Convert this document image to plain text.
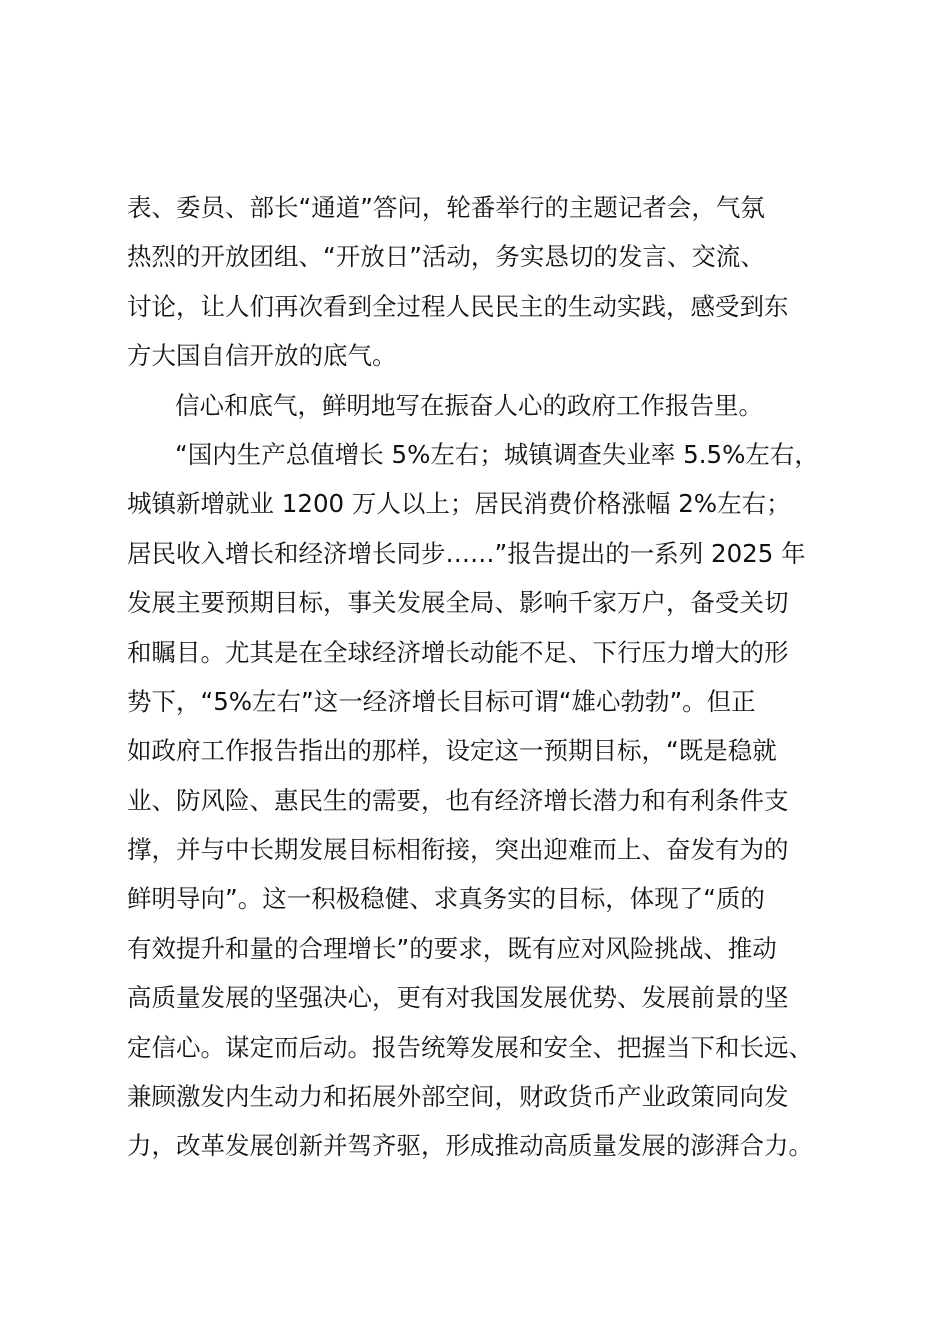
表、委员、部长“通道”答问，轮番举行的主题记者会，气氛
热烈的开放团组、“开放日”活动，务实恳切的发言、交流、
讨论，让人们再次看到全过程人民民主的生动实践，感受到东
方大国自信开放的底气。
信心和底气，鲜明地写在振奋人心的政府工作报告里。
“国内生产总值增长 5%左右；城镇调查失业率 5.5%左右，
城镇新增就业 1200 万人以上；居民消费价格涨幅 2%左右；
居民收入增长和经济增长同步……”报告提出的一系列 2025 年
发展主要预期目标，事关发展全局、影响千家万户，备受关切
和瞩目。尤其是在全球经济增长动能不足、下行压力增大的形
势下，“5%左右”这一经济增长目标可谓“雄心勃勃”。但正
如政府工作报告指出的那样，设定这一预期目标，“既是稳就
业、防风险、惠民生的需要，也有经济增长潜力和有利条件支
撑，并与中长期发展目标相衔接，突出迎难而上、奋发有为的
鲜明导向”。这一积极稳健、求真务实的目标，体现了“质的
有效提升和量的合理增长”的要求，既有应对风险挑战、推动
高质量发展的坚强决心，更有对我国发展优势、发展前景的坚
定信心。谋定而后动。报告统筹发展和安全、把握当下和长远、
兼顾激发内生动力和拓展外部空间，财政货币产业政策同向发
力，改革发展创新并驾齐驱，形成推动高质量发展的澎湃合力。
